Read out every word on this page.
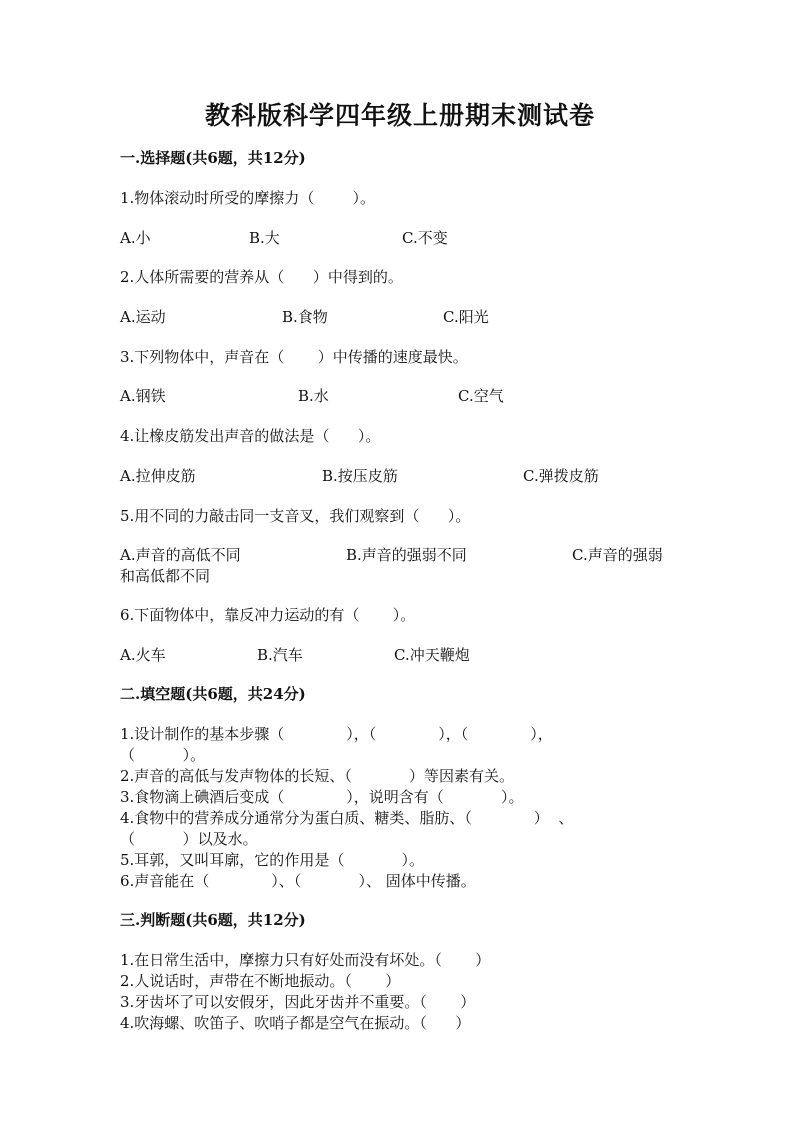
教科版科学四年级上册期末测试卷
一.选择题(共6题，共12分)
1.物体滚动时所受的摩擦力（        ）。
A.小	B.大	C.不变
2.人体所需要的营养从（      ）中得到的。
A.运动	B.食物	C.阳光
3.下列物体中，声音在（       ）中传播的速度最快。
A.钢铁	B.水	C.空气
4.让橡皮筋发出声音的做法是（      ）。
A.拉伸皮筋	B.按压皮筋	C.弹拨皮筋
5.用不同的力敲击同一支音叉，我们观察到（      ）。
A.声音的高低不同	B.声音的强弱不同	C.声音的强弱
和高低都不同
6.下面物体中，靠反冲力运动的有（       ）。
A.火车	B.汽车	C.冲天鞭炮
二.填空题(共6题，共24分)
1.设计制作的基本步骤（             ），（             ），（             ），
（          ）。
2.声音的高低与发声物体的长短、（            ）等因素有关。
3.食物滴上碘酒后变成（             ），说明含有（            ）。
4.食物中的营养成分通常分为蛋白质、糖类、脂肪、（             ）  、
（          ）以及水。
5.耳郭，又叫耳廓，它的作用是（            ）。
6.声音能在（             ）、（            ）、 固体中传播。
三.判断题(共6题，共12分)
1.在日常生活中，摩擦力只有好处而没有坏处。（       ）
2.人说话时，声带在不断地振动。（       ）
3.牙齿坏了可以安假牙，因此牙齿并不重要。（       ）
4.吹海螺、吹笛子、吹哨子都是空气在振动。（      ）
